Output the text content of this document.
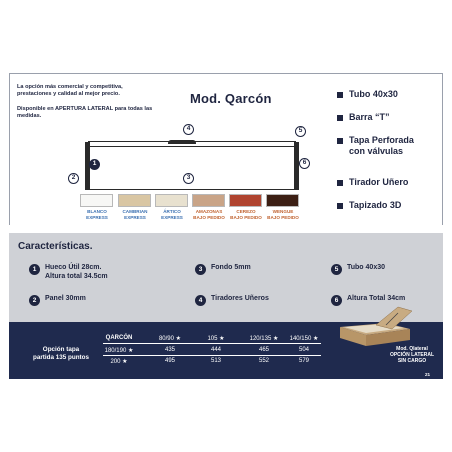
La opción más comercial y competitiva,
prestaciones y calidad al mejor precio.
Disponible en APERTURA LATERAL para todas las
medidas.
Mod. Qarcón	Tubo 40x30
Barra “T”
Tapa Perforada
con válvulas
Tirador Uñero
Tapizado 3D
1
2	3
4	5
6
BLANCO
EXPRESS
CAMBRIAN
EXPRESS
ÁRTICO
EXPRESS
AMAZONAS
BAJO PEDIDO
CEREZO
BAJO PEDIDO
WENGUE
BAJO PEDIDO
Características.
1	Hueco Útil 28cm.
Altura total 34.5cm
2	Panel 30mm
3	Fondo 5mm
4	Tiradores Uñeros
5	Tubo 40x30
6	Altura Total 34cm
Opción tapa
partida 135 puntos
QARCÓN	80/90 ★	105 ★	120/135 ★	140/150 ★
180/190 ★	435	444	465	504
200 ★	495	513	552	579
Mod. Qlateral
OPCIÓN LATERAL
SIN CARGO
21
